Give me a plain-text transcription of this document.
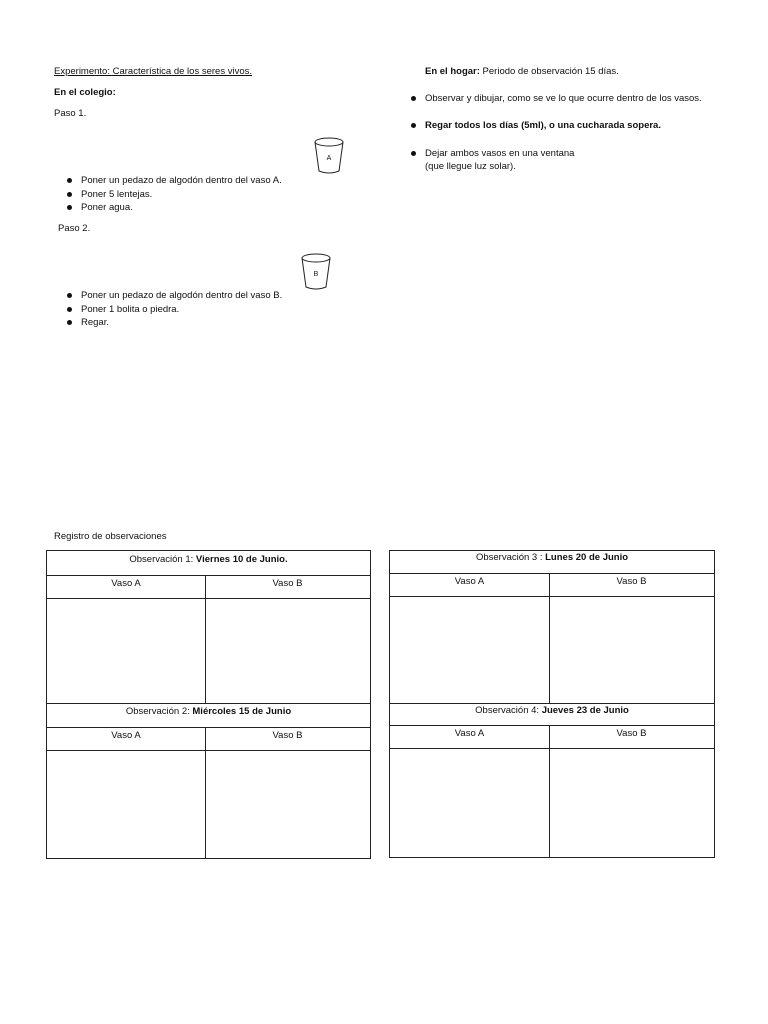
Experimento: Característica de los seres vivos.
En el colegio:
Paso 1.
A
Poner un pedazo de algodón dentro del vaso A.
Poner 5 lentejas.
Poner agua.
Paso 2.
B
Poner un pedazo de algodón dentro del vaso B.
Poner 1 bolita o piedra.
Regar.
En el hogar: Periodo de observación 15 días.
Observar y dibujar, como se ve lo que ocurre dentro de los vasos.
Regar todos los días (5ml), o una cucharada sopera.
Dejar ambos vasos en una ventana
(que llegue luz solar).
Registro de observaciones
Observación 1: Viernes 10 de Junio.
Vaso A	Vaso B
Observación 2: Miércoles 15 de Junio
Vaso A	Vaso B
Observación 3 : Lunes 20 de Junio
Vaso A	Vaso B
Observación 4: Jueves 23 de Junio
Vaso A	Vaso B
